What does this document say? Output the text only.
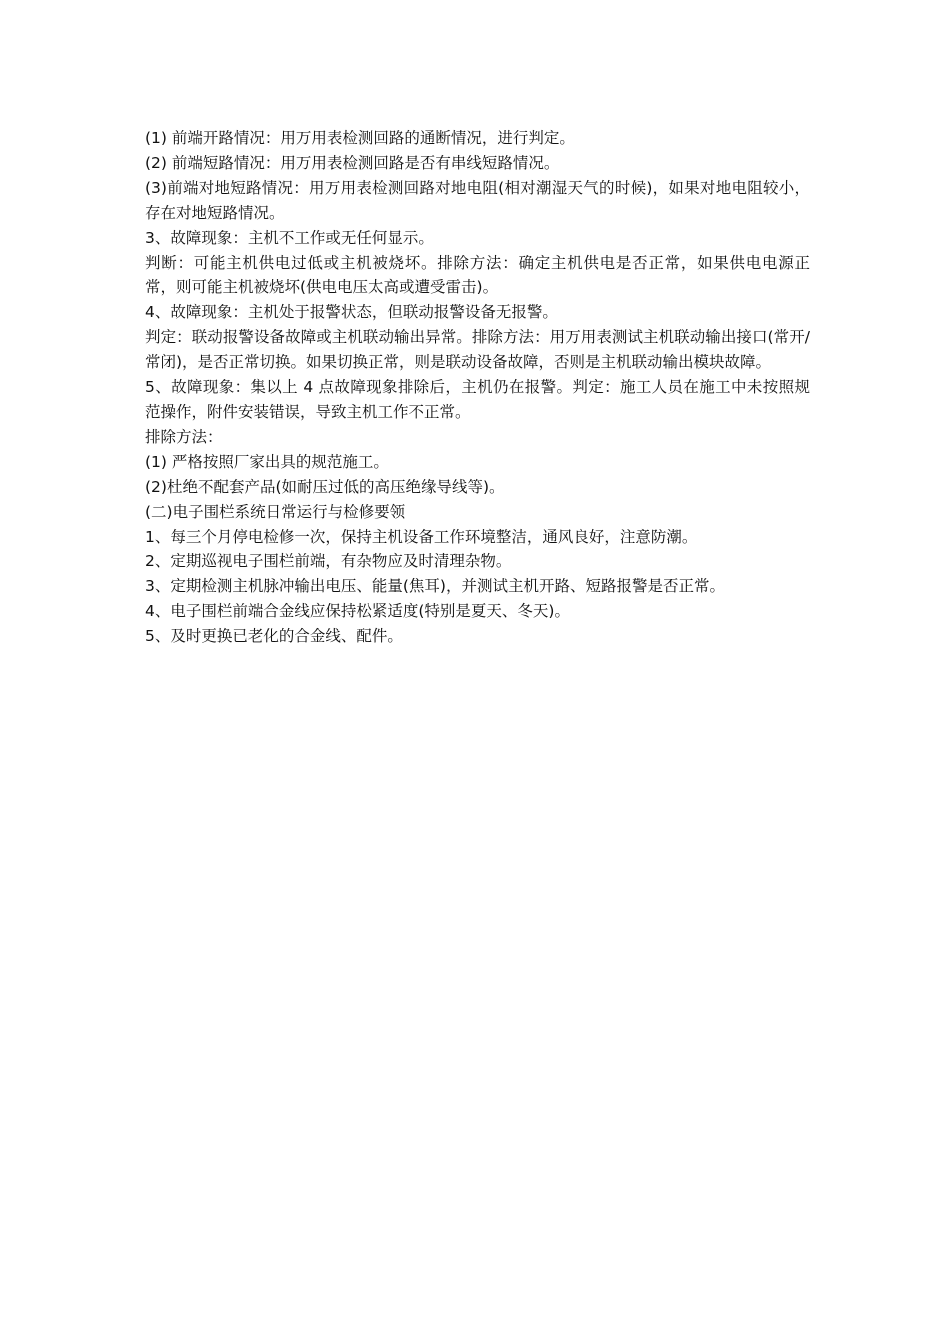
(1) 前端开路情况：用万用表检测回路的通断情况，进行判定。

(2) 前端短路情况：用万用表检测回路是否有串线短路情况。

(3)前端对地短路情况：用万用表检测回路对地电阻(相对潮湿天气的时候)，如果对地电阻较小，存在对地短路情况。

3、故障现象：主机不工作或无任何显示。

判断：可能主机供电过低或主机被烧坏。排除方法：确定主机供电是否正常，如果供电电源正常，则可能主机被烧坏(供电电压太高或遭受雷击)。

4、故障现象：主机处于报警状态，但联动报警设备无报警。

判定：联动报警设备故障或主机联动输出异常。排除方法：用万用表测试主机联动输出接口(常开/常闭)，是否正常切换。如果切换正常，则是联动设备故障，否则是主机联动输出模块故障。

5、故障现象：集以上 4 点故障现象排除后，主机仍在报警。判定：施工人员在施工中未按照规范操作，附件安装错误，导致主机工作不正常。

排除方法：

(1) 严格按照厂家出具的规范施工。

(2)杜绝不配套产品(如耐压过低的高压绝缘导线等)。

(二)电子围栏系统日常运行与检修要领

1、每三个月停电检修一次，保持主机设备工作环境整洁，通风良好，注意防潮。

2、定期巡视电子围栏前端，有杂物应及时清理杂物。

3、定期检测主机脉冲输出电压、能量(焦耳)，并测试主机开路、短路报警是否正常。

4、电子围栏前端合金线应保持松紧适度(特别是夏天、冬天)。

5、及时更换已老化的合金线、配件。
